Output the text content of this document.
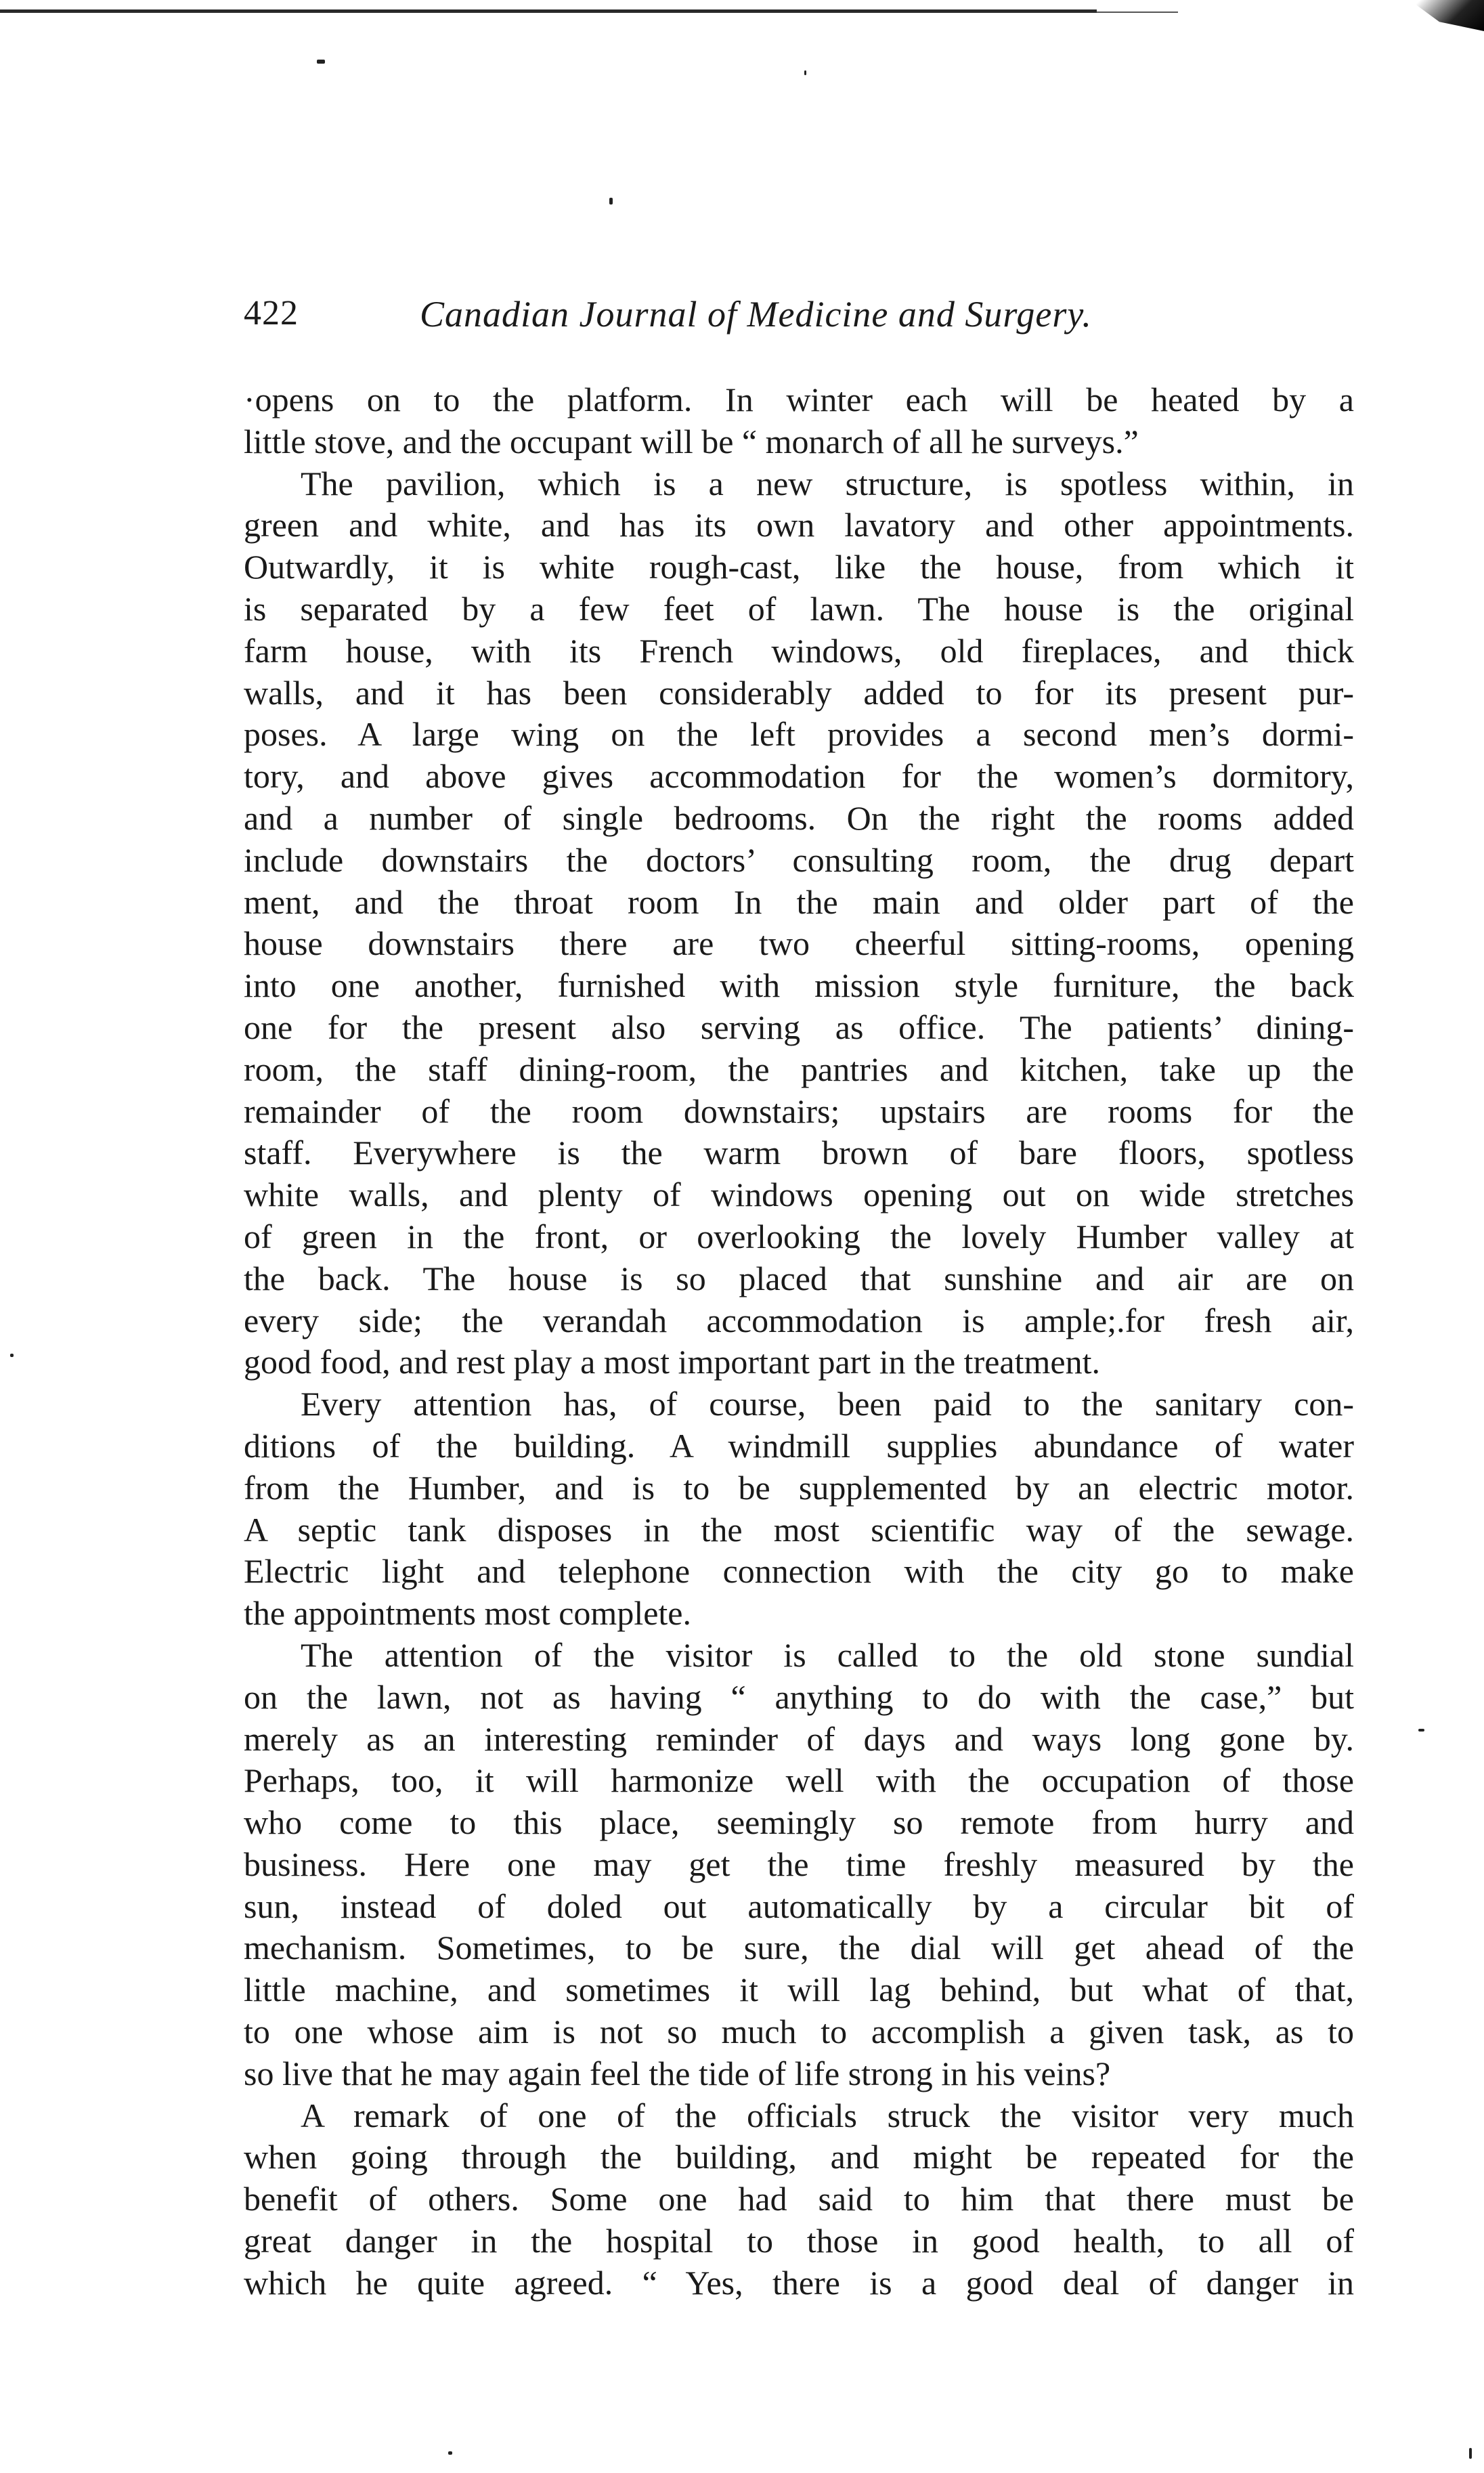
422	Canadian Journal of Medicine and Surgery.
·opens on to the platform. In winter each will be heated by a
little stove, and the occupant will be “ monarch of all he surveys.”
The pavilion, which is a new structure, is spotless within, in
green and white, and has its own lavatory and other appointments.
Outwardly, it is white rough-cast, like the house, from which it
is separated by a few feet of lawn. The house is the original
farm house, with its French windows, old fireplaces, and thick
walls, and it has been considerably added to for its present pur-
poses. A large wing on the left provides a second men’s dormi-
tory, and above gives accommodation for the women’s dormitory,
and a number of single bedrooms. On the right the rooms added
include downstairs the doctors’ consulting room, the drug depart
ment, and the throat room In the main and older part of the
house downstairs there are two cheerful sitting-rooms, opening
into one another, furnished with mission style furniture, the back
one for the present also serving as office. The patients’ dining-
room, the staff dining-room, the pantries and kitchen, take up the
remainder of the room downstairs; upstairs are rooms for the
staff. Everywhere is the warm brown of bare floors, spotless
white walls, and plenty of windows opening out on wide stretches
of green in the front, or overlooking the lovely Humber valley at
the back. The house is so placed that sunshine and air are on
every side; the verandah accommodation is ample;.for fresh air,
good food, and rest play a most important part in the treatment.
Every attention has, of course, been paid to the sanitary con-
ditions of the building. A windmill supplies abundance of water
from the Humber, and is to be supplemented by an electric motor.
A septic tank disposes in the most scientific way of the sewage.
Electric light and telephone connection with the city go to make
the appointments most complete.
The attention of the visitor is called to the old stone sundial
on the lawn, not as having “ anything to do with the case,” but
merely as an interesting reminder of days and ways long gone by.
Perhaps, too, it will harmonize well with the occupation of those
who come to this place, seemingly so remote from hurry and
business. Here one may get the time freshly measured by the
sun, instead of doled out automatically by a circular bit of
mechanism. Sometimes, to be sure, the dial will get ahead of the
little machine, and sometimes it will lag behind, but what of that,
to one whose aim is not so much to accomplish a given task, as to
so live that he may again feel the tide of life strong in his veins?
A remark of one of the officials struck the visitor very much
when going through the building, and might be repeated for the
benefit of others. Some one had said to him that there must be
great danger in the hospital to those in good health, to all of
which he quite agreed. “ Yes, there is a good deal of danger in
